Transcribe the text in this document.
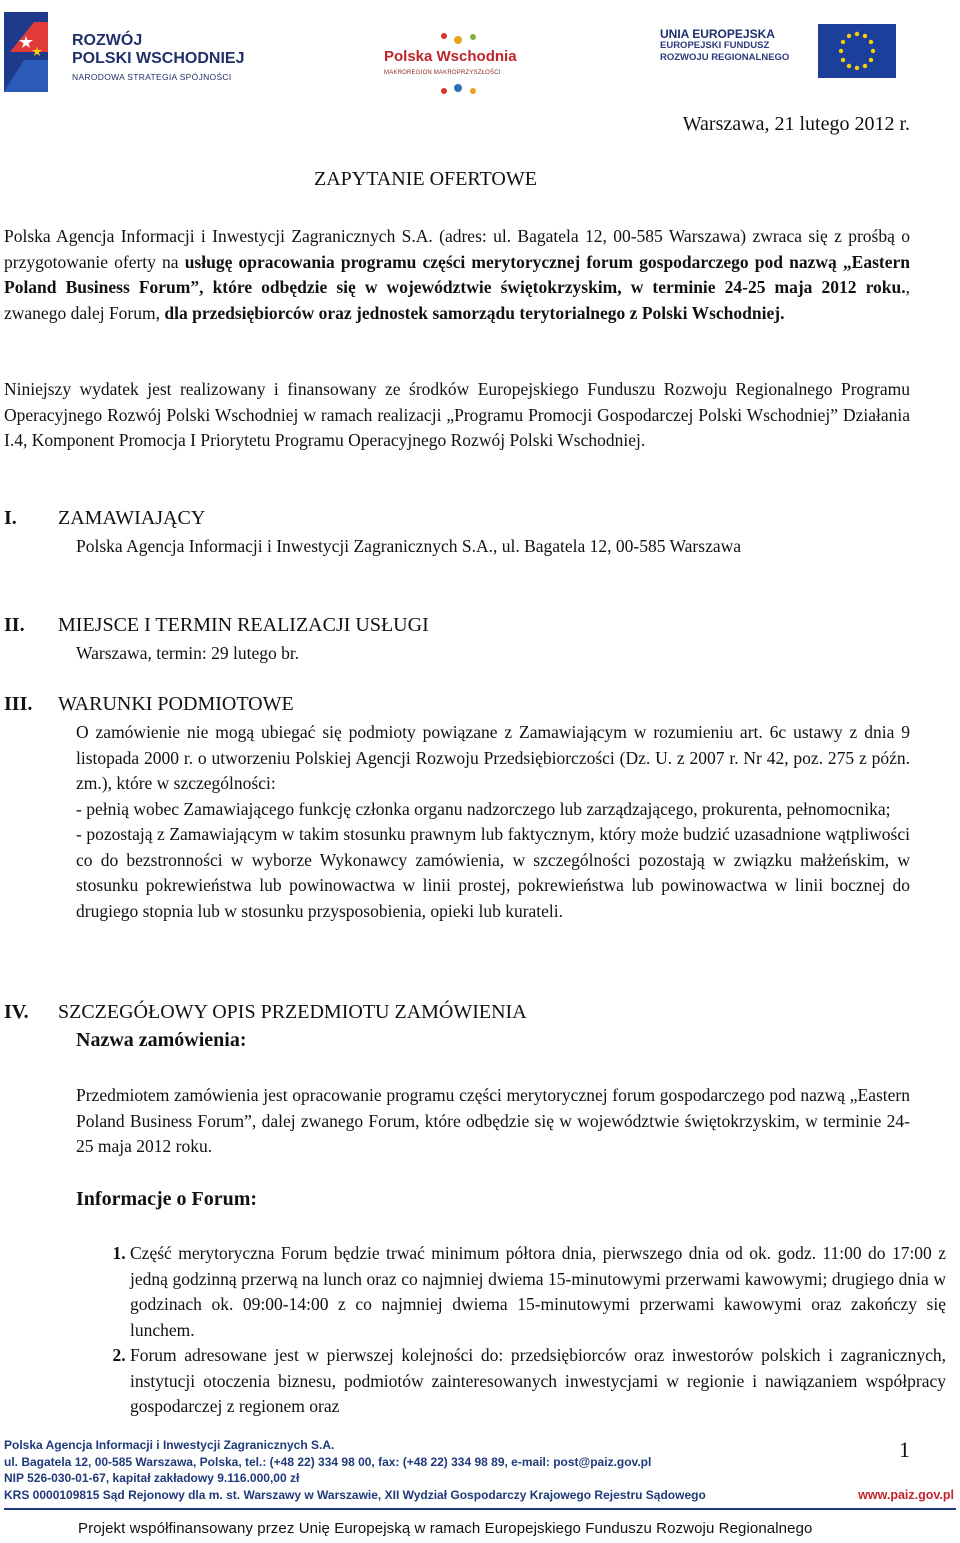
ROZWÓJ
POLSKI WSCHODNIEJ
NARODOWA STRATEGIA SPÓJNOŚCI
Polska Wschodnia
MAKROREGION MAKROPRZYSZŁOŚCI
UNIA EUROPEJSKA
EUROPEJSKI FUNDUSZ
ROZWOJU REGIONALNEGO
Warszawa, 21 lutego 2012 r.
ZAPYTANIE OFERTOWE
Polska Agencja Informacji i Inwestycji Zagranicznych S.A. (adres: ul. Bagatela 12, 00-585 Warszawa) zwraca się z prośbą o przygotowanie oferty na usługę opracowania programu części merytorycznej forum gospodarczego pod nazwą „Eastern Poland Business Forum”, które odbędzie się w województwie świętokrzyskim, w terminie 24-25 maja 2012 roku., zwanego dalej Forum, dla przedsiębiorców oraz jednostek samorządu terytorialnego z Polski Wschodniej.
Niniejszy wydatek jest realizowany i finansowany ze środków Europejskiego Funduszu Rozwoju Regionalnego Programu Operacyjnego Rozwój Polski Wschodniej w ramach realizacji „Programu Promocji Gospodarczej Polski Wschodniej” Działania I.4, Komponent Promocja I Priorytetu Programu Operacyjnego Rozwój Polski Wschodniej.
I. ZAMAWIAJĄCY
Polska Agencja Informacji i Inwestycji Zagranicznych S.A., ul. Bagatela 12, 00-585 Warszawa
II. MIEJSCE I TERMIN REALIZACJI USŁUGI
Warszawa, termin: 29 lutego br.
III. WARUNKI PODMIOTOWE
O zamówienie nie mogą ubiegać się podmioty powiązane z Zamawiającym w rozumieniu art. 6c ustawy z dnia 9 listopada 2000 r. o utworzeniu Polskiej Agencji Rozwoju Przedsiębiorczości (Dz. U. z 2007 r. Nr 42, poz. 275 z późn. zm.), które w szczególności:
- pełnią wobec Zamawiającego funkcję członka organu nadzorczego lub zarządzającego, prokurenta, pełnomocnika;
- pozostają z Zamawiającym w takim stosunku prawnym lub faktycznym, który może budzić uzasadnione wątpliwości co do bezstronności w wyborze Wykonawcy zamówienia, w szczególności pozostają w związku małżeńskim, w stosunku pokrewieństwa lub powinowactwa w linii prostej, pokrewieństwa lub powinowactwa w linii bocznej do drugiego stopnia lub w stosunku przysposobienia, opieki lub kurateli.
IV. SZCZEGÓŁOWY OPIS PRZEDMIOTU ZAMÓWIENIA
Nazwa zamówienia:
Przedmiotem zamówienia jest opracowanie programu części merytorycznej forum gospodarczego pod nazwą „Eastern Poland Business Forum”, dalej zwanego Forum, które odbędzie się w województwie świętokrzyskim, w terminie 24-25 maja 2012 roku.
Informacje o Forum:
1. Część merytoryczna Forum będzie trwać minimum półtora dnia, pierwszego dnia od ok. godz. 11:00 do 17:00 z jedną godzinną przerwą na lunch oraz co najmniej dwiema 15-minutowymi przerwami kawowymi; drugiego dnia w godzinach ok. 09:00-14:00 z co najmniej dwiema 15-minutowymi przerwami kawowymi oraz zakończy się lunchem.
2. Forum adresowane jest w pierwszej kolejności do: przedsiębiorców oraz inwestorów polskich i zagranicznych, instytucji otoczenia biznesu, podmiotów zainteresowanych inwestycjami w regionie i nawiązaniem współpracy gospodarczej z regionem oraz
Polska Agencja Informacji i Inwestycji Zagranicznych S.A.
ul. Bagatela 12, 00-585 Warszawa, Polska, tel.: (+48 22) 334 98 00, fax: (+48 22) 334 98 89, e-mail: post@paiz.gov.pl
NIP 526-030-01-67, kapitał zakładowy 9.116.000,00 zł
KRS 0000109815 Sąd Rejonowy dla m. st. Warszawy w Warszawie, XII Wydział Gospodarczy Krajowego Rejestru Sądowego
1
www.paiz.gov.pl
Projekt współfinansowany przez Unię Europejską w ramach Europejskiego Funduszu Rozwoju Regionalnego
